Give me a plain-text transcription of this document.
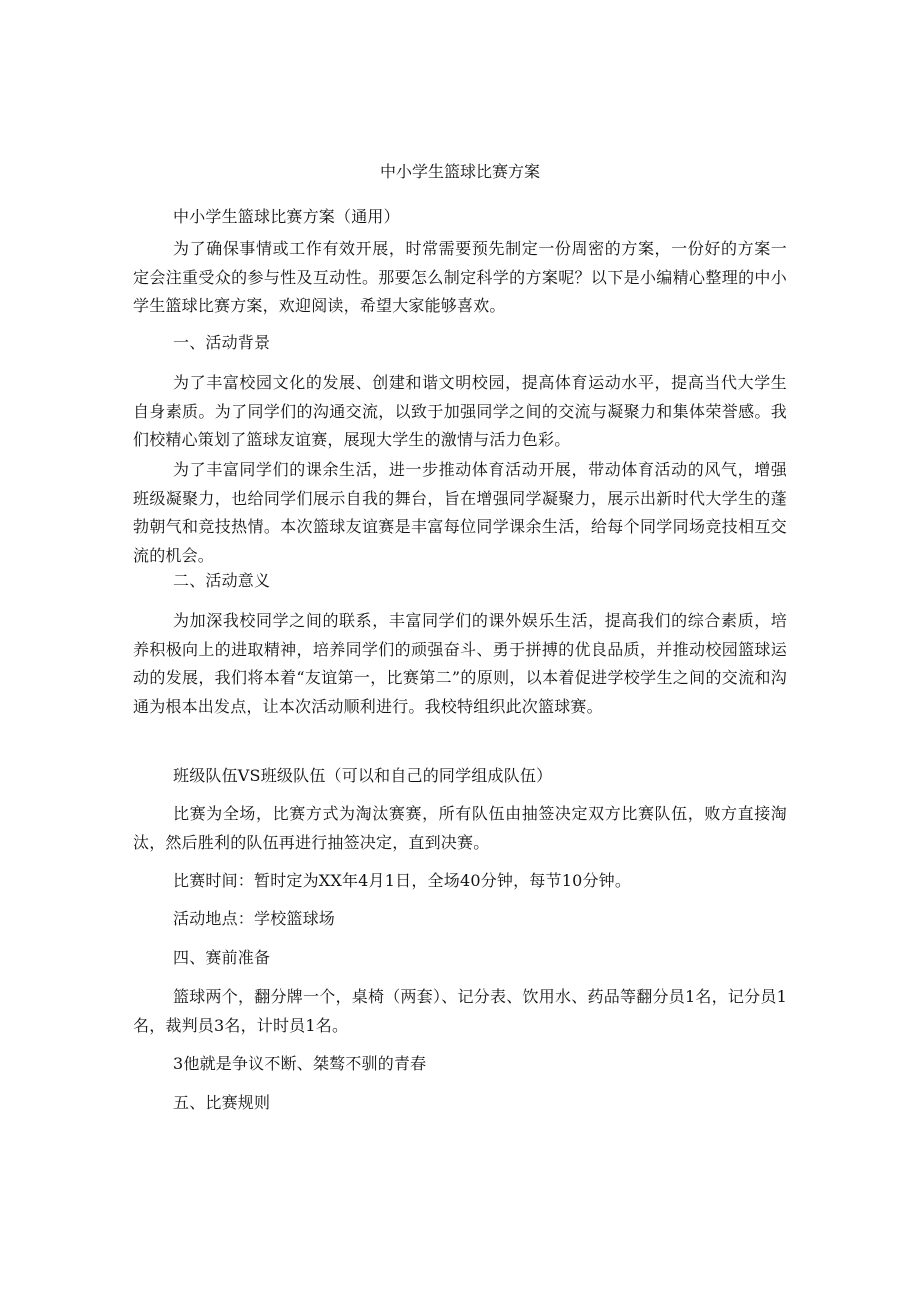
中小学生篮球比赛方案
中小学生篮球比赛方案（通用）
为了确保事情或工作有效开展，时常需要预先制定一份周密的方案，一份好的方案一定会注重受众的参与性及互动性。那要怎么制定科学的方案呢？以下是小编精心整理的中小学生篮球比赛方案，欢迎阅读，希望大家能够喜欢。
一、活动背景
为了丰富校园文化的发展、创建和谐文明校园，提高体育运动水平，提高当代大学生自身素质。为了同学们的沟通交流，以致于加强同学之间的交流与凝聚力和集体荣誉感。我们校精心策划了篮球友谊赛，展现大学生的激情与活力色彩。
为了丰富同学们的课余生活，进一步推动体育活动开展，带动体育活动的风气，增强班级凝聚力，也给同学们展示自我的舞台，旨在增强同学凝聚力，展示出新时代大学生的蓬勃朝气和竞技热情。本次篮球友谊赛是丰富每位同学课余生活，给每个同学同场竞技相互交流的机会。
二、活动意义
为加深我校同学之间的联系，丰富同学们的课外娱乐生活，提高我们的综合素质，培养积极向上的进取精神，培养同学们的顽强奋斗、勇于拼搏的优良品质，并推动校园篮球运动的发展，我们将本着“友谊第一，比赛第二”的原则，以本着促进学校学生之间的交流和沟通为根本出发点，让本次活动顺利进行。我校特组织此次篮球赛。
班级队伍VS班级队伍（可以和自己的同学组成队伍）
比赛为全场，比赛方式为淘汰赛赛，所有队伍由抽签决定双方比赛队伍，败方直接淘汰，然后胜利的队伍再进行抽签决定，直到决赛。
比赛时间：暂时定为XX年4月1日，全场40分钟，每节10分钟。
活动地点：学校篮球场
四、赛前准备
篮球两个，翻分牌一个，桌椅（两套）、记分表、饮用水、药品等翻分员1名，记分员1名，裁判员3名，计时员1名。
3他就是争议不断、桀骜不驯的青春
五、比赛规则
